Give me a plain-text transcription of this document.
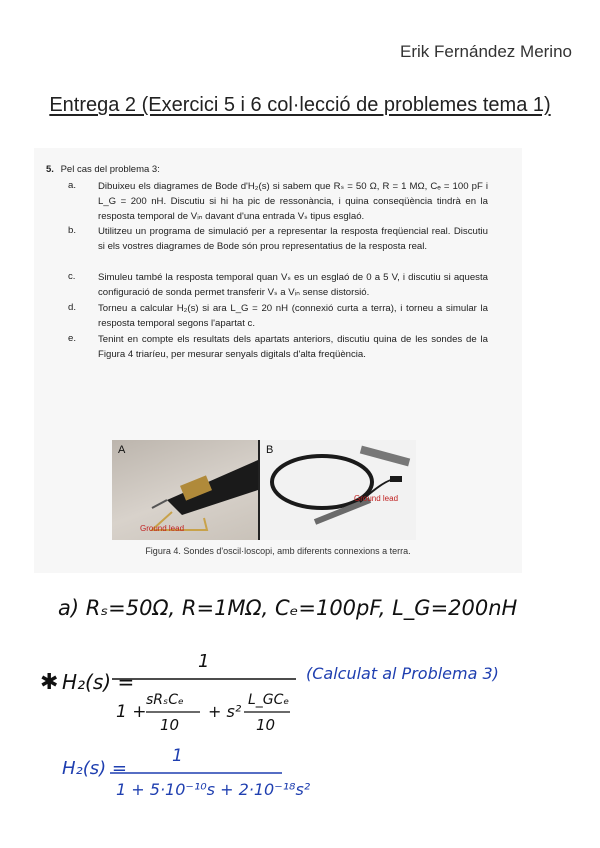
Erik Fernández Merino
Entrega 2 (Exercici 5 i 6 col·lecció de problemes tema 1)
5. Pel cas del problema 3:
a. Dibuixeu els diagrames de Bode d'H₂(s) si sabem que Rₛ = 50 Ω, R = 1 MΩ, Cₑ = 100 pF i L_G = 200 nH. Discutiu si hi ha pic de ressonància, i quina conseqüència tindrà en la resposta temporal de Vᵢₙ davant d'una entrada Vₛ tipus esglaó.
b. Utilitzeu un programa de simulació per a representar la resposta freqüencial real. Discutiu si els vostres diagrames de Bode són prou representatius de la resposta real.
c. Simuleu també la resposta temporal quan Vₛ es un esglaó de 0 a 5 V, i discutiu si aquesta configuració de sonda permet transferir Vₛ a Vᵢₙ sense distorsió.
d. Torneu a calcular H₂(s) si ara L_G = 20 nH (connexió curta a terra), i torneu a simular la resposta temporal segons l'apartat c.
e. Tenint en compte els resultats dels apartats anteriors, discutiu quina de les sondes de la Figura 4 triaríeu, per mesurar senyals digitals d'alta freqüència.
A
Ground lead
B
Ground lead
Figura 4. Sondes d'oscil·loscopi, amb diferents connexions a terra.
a) Rₛ=50Ω, R=1MΩ, Cₑ=100pF, L_G=200nH
✱ H₂(s) =
1
1 +
sRₛCₑ
10
+ s²
L_GCₑ
10
(Calculat al Problema 3)
H₂(s) =
1
1 + 5·10⁻¹⁰s + 2·10⁻¹⁸s²
